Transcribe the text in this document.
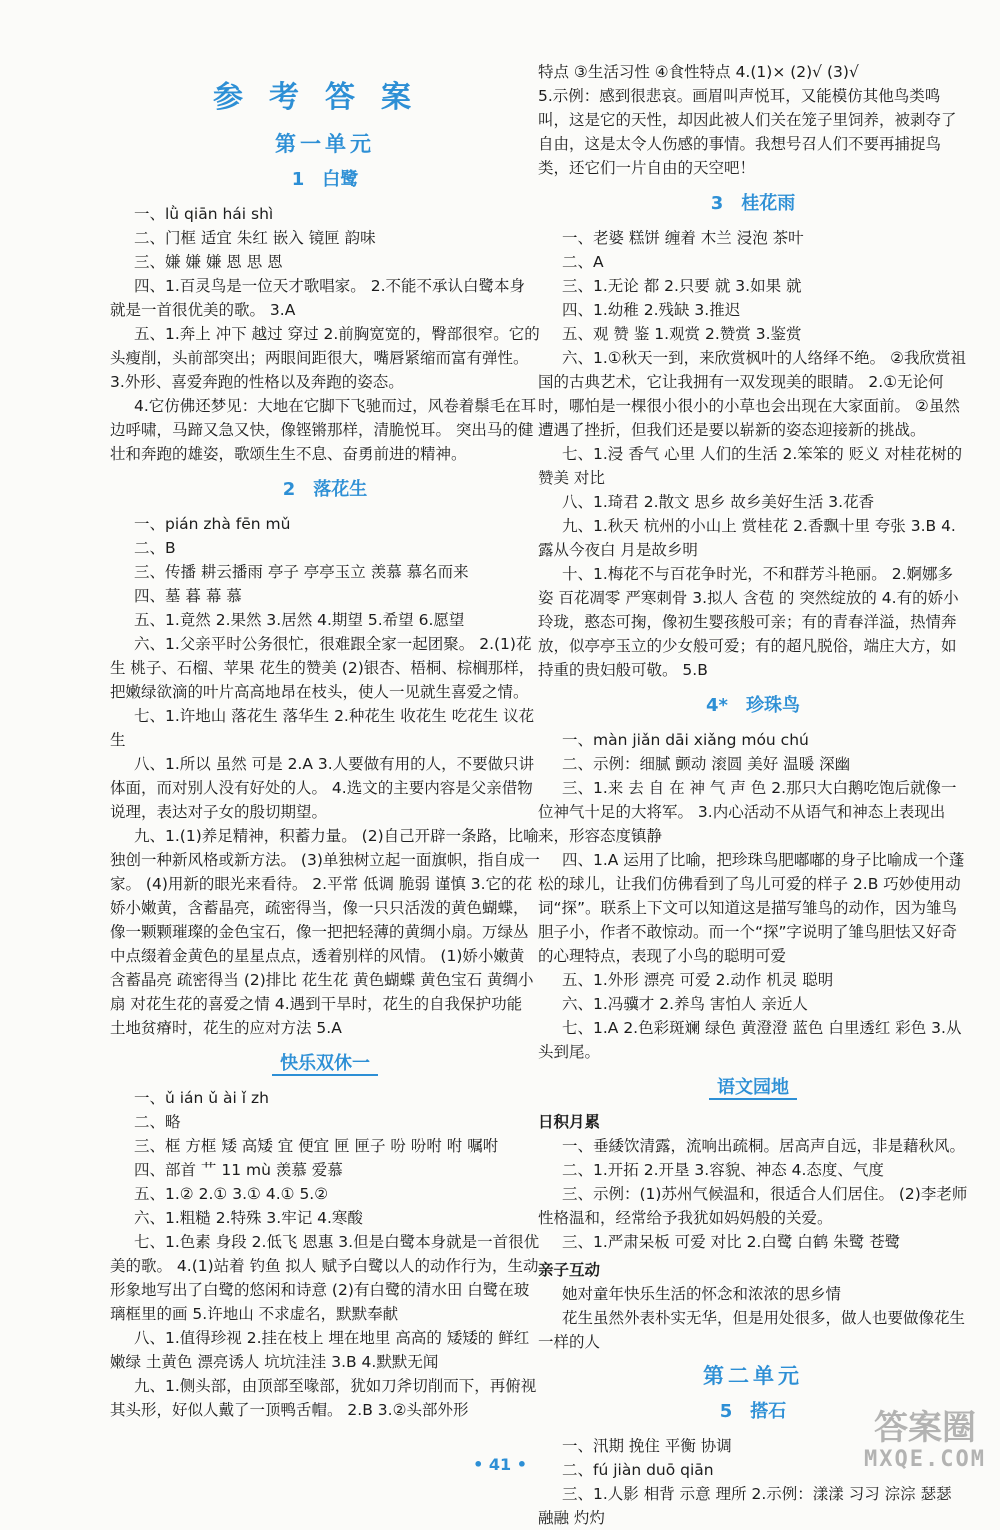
参考答案
第一单元
1 白鹭

一、lǜ qiān hái shì

二、门框 适宜 朱红 嵌入 镜匣 韵味

三、嫌 嫌 嫌 恩 思 恩

四、1.百灵鸟是一位天才歌唱家。 2.不能不承认白鹭本身就是一首很优美的歌。 3.A

五、1.奔上 冲下 越过 穿过 2.前胸宽宽的，臀部很窄。它的头瘦削，头前部突出；两眼间距很大，嘴唇紧缩而富有弹性。 3.外形、喜爱奔跑的性格以及奔跑的姿态。

4.它仿佛还梦见：大地在它脚下飞驰而过，风卷着鬃毛在耳边呼啸，马蹄又急又快，像铿锵那样，清脆悦耳。 突出马的健壮和奔跑的雄姿，歌颂生生不息、奋勇前进的精神。

2 落花生

一、pián zhà fēn mǔ

二、B

三、传播 耕云播雨 亭子 亭亭玉立 羡慕 慕名而来

四、墓 暮 幕 慕

五、1.竟然 2.果然 3.居然 4.期望 5.希望 6.愿望

六、1.父亲平时公务很忙，很难跟全家一起团聚。 2.(1)花生 桃子、石榴、苹果 花生的赞美 (2)银杏、梧桐、棕榈那样，把嫩绿欲滴的叶片高高地昂在枝头，使人一见就生喜爱之情。

七、1.许地山 落花生 落华生 2.种花生 收花生 吃花生 议花生

八、1.所以 虽然 可是 2.A 3.人要做有用的人，不要做只讲体面，而对别人没有好处的人。 4.选文的主要内容是父亲借物说理，表达对子女的殷切期望。

九、1.(1)养足精神，积蓄力量。 (2)自己开辟一条路，比喻独创一种新风格或新方法。 (3)单独树立起一面旗帜，指自成一家。 (4)用新的眼光来看待。 2.平常 低调 脆弱 谨慎 3.它的花娇小嫩黄，含蓄晶亮，疏密得当，像一只只活泼的黄色蝴蝶，像一颗颗璀璨的金色宝石，像一把把轻薄的黄绸小扇。万绿丛中点缀着金黄色的星星点点，透着别样的风情。 (1)娇小嫩黄 含蓄晶亮 疏密得当 (2)排比 花生花 黄色蝴蝶 黄色宝石 黄绸小扇 对花生花的喜爱之情 4.遇到干旱时，花生的自我保护功能 土地贫瘠时，花生的应对方法 5.A

快乐双休一

一、ǔ ián ǔ ài ǐ zh

二、略

三、框 方框 矮 高矮 宜 便宜 匣 匣子 吩 吩咐 咐 嘱咐

四、部首 艹 11 mù 羡慕 爱慕

五、1.② 2.① 3.① 4.① 5.②

六、1.粗糙 2.特殊 3.牢记 4.寒酸

七、1.色素 身段 2.低飞 恩惠 3.但是白鹭本身就是一首很优美的歌。 4.(1)站着 钓鱼 拟人 赋予白鹭以人的动作行为，生动形象地写出了白鹭的悠闲和诗意 (2)有白鹭的清水田 白鹭在玻璃框里的画 5.许地山 不求虚名，默默奉献

八、1.值得珍视 2.挂在枝上 埋在地里 高高的 矮矮的 鲜红嫩绿 土黄色 漂亮诱人 坑坑洼洼 3.B 4.默默无闻

九、1.侧头部，由顶部至喙部，犹如刀斧切削而下，再俯视其头形，好似人戴了一顶鸭舌帽。 2.B 3.②头部外形

特点 ③生活习性 ④食性特点 4.(1)× (2)√ (3)√

5.示例：感到很悲哀。画眉叫声悦耳，又能模仿其他鸟类鸣叫，这是它的天性，却因此被人们关在笼子里饲养，被剥夺了自由，这是太令人伤感的事情。我想号召人们不要再捕捉鸟类，还它们一片自由的天空吧！

3 桂花雨

一、老婆 糕饼 缠着 木兰 浸泡 茶叶

二、A

三、1.无论 都 2.只要 就 3.如果 就

四、1.幼稚 2.残缺 3.推迟

五、观 赞 鉴 1.观赏 2.赞赏 3.鉴赏

六、1.①秋天一到，来欣赏枫叶的人络绎不绝。 ②我欣赏祖国的古典艺术，它让我拥有一双发现美的眼睛。 2.①无论何时，哪怕是一棵很小很小的小草也会出现在大家面前。 ②虽然遭遇了挫折，但我们还是要以崭新的姿态迎接新的挑战。

七、1.浸 香气 心里 人们的生活 2.笨笨的 贬义 对桂花树的赞美 对比

八、1.琦君 2.散文 思乡 故乡美好生活 3.花香

九、1.秋天 杭州的小山上 赏桂花 2.香飘十里 夸张 3.B 4.露从今夜白 月是故乡明

十、1.梅花不与百花争时光，不和群芳斗艳丽。 2.婀娜多姿 百花凋零 严寒刺骨 3.拟人 含苞 的 突然绽放的 4.有的娇小玲珑，憨态可掬，像初生婴孩般可亲；有的青春洋溢，热情奔放，似亭亭玉立的少女般可爱；有的超凡脱俗，端庄大方，如持重的贵妇般可敬。 5.B

4* 珍珠鸟

一、màn jiǎn dāi xiǎng móu chú

二、示例：细腻 颤动 滚圆 美好 温暖 深幽

三、1.来 去 自 在 神 气 声 色 2.那只大白鹅吃饱后就像一位神气十足的大将军。 3.内心活动不从语气和神态上表现出来，形容态度镇静

四、1.A 运用了比喻，把珍珠鸟肥嘟嘟的身子比喻成一个蓬松的球儿，让我们仿佛看到了鸟儿可爱的样子 2.B 巧妙使用动词“探”。联系上下文可以知道这是描写雏鸟的动作，因为雏鸟胆子小，作者不敢惊动。而一个“探”字说明了雏鸟胆怯又好奇的心理特点，表现了小鸟的聪明可爱

五、1.外形 漂亮 可爱 2.动作 机灵 聪明

六、1.冯骥才 2.养鸟 害怕人 亲近人

七、1.A 2.色彩斑斓 绿色 黄澄澄 蓝色 白里透红 彩色 3.从头到尾。

语文园地
日积月累

一、垂緌饮清露，流响出疏桐。居高声自远，非是藉秋风。

二、1.开拓 2.开垦 3.容貌、神态 4.态度、气度

三、示例：(1)苏州气候温和，很适合人们居住。 (2)李老师性格温和，经常给予我犹如妈妈般的关爱。

三、1.严肃呆板 可爱 对比 2.白鹭 白鹤 朱鹭 苍鹭

亲子互动

她对童年快乐生活的怀念和浓浓的思乡情

花生虽然外表朴实无华，但是用处很多，做人也要做像花生一样的人

第二单元
5 搭石

一、汛期 挽住 平衡 协调

二、fú jiàn duō qiān

三、1.人影 相背 示意 理所 2.示例：漾漾 习习 淙淙 瑟瑟 融融 灼灼

• 41 •
答案圈
MXQE.COM
